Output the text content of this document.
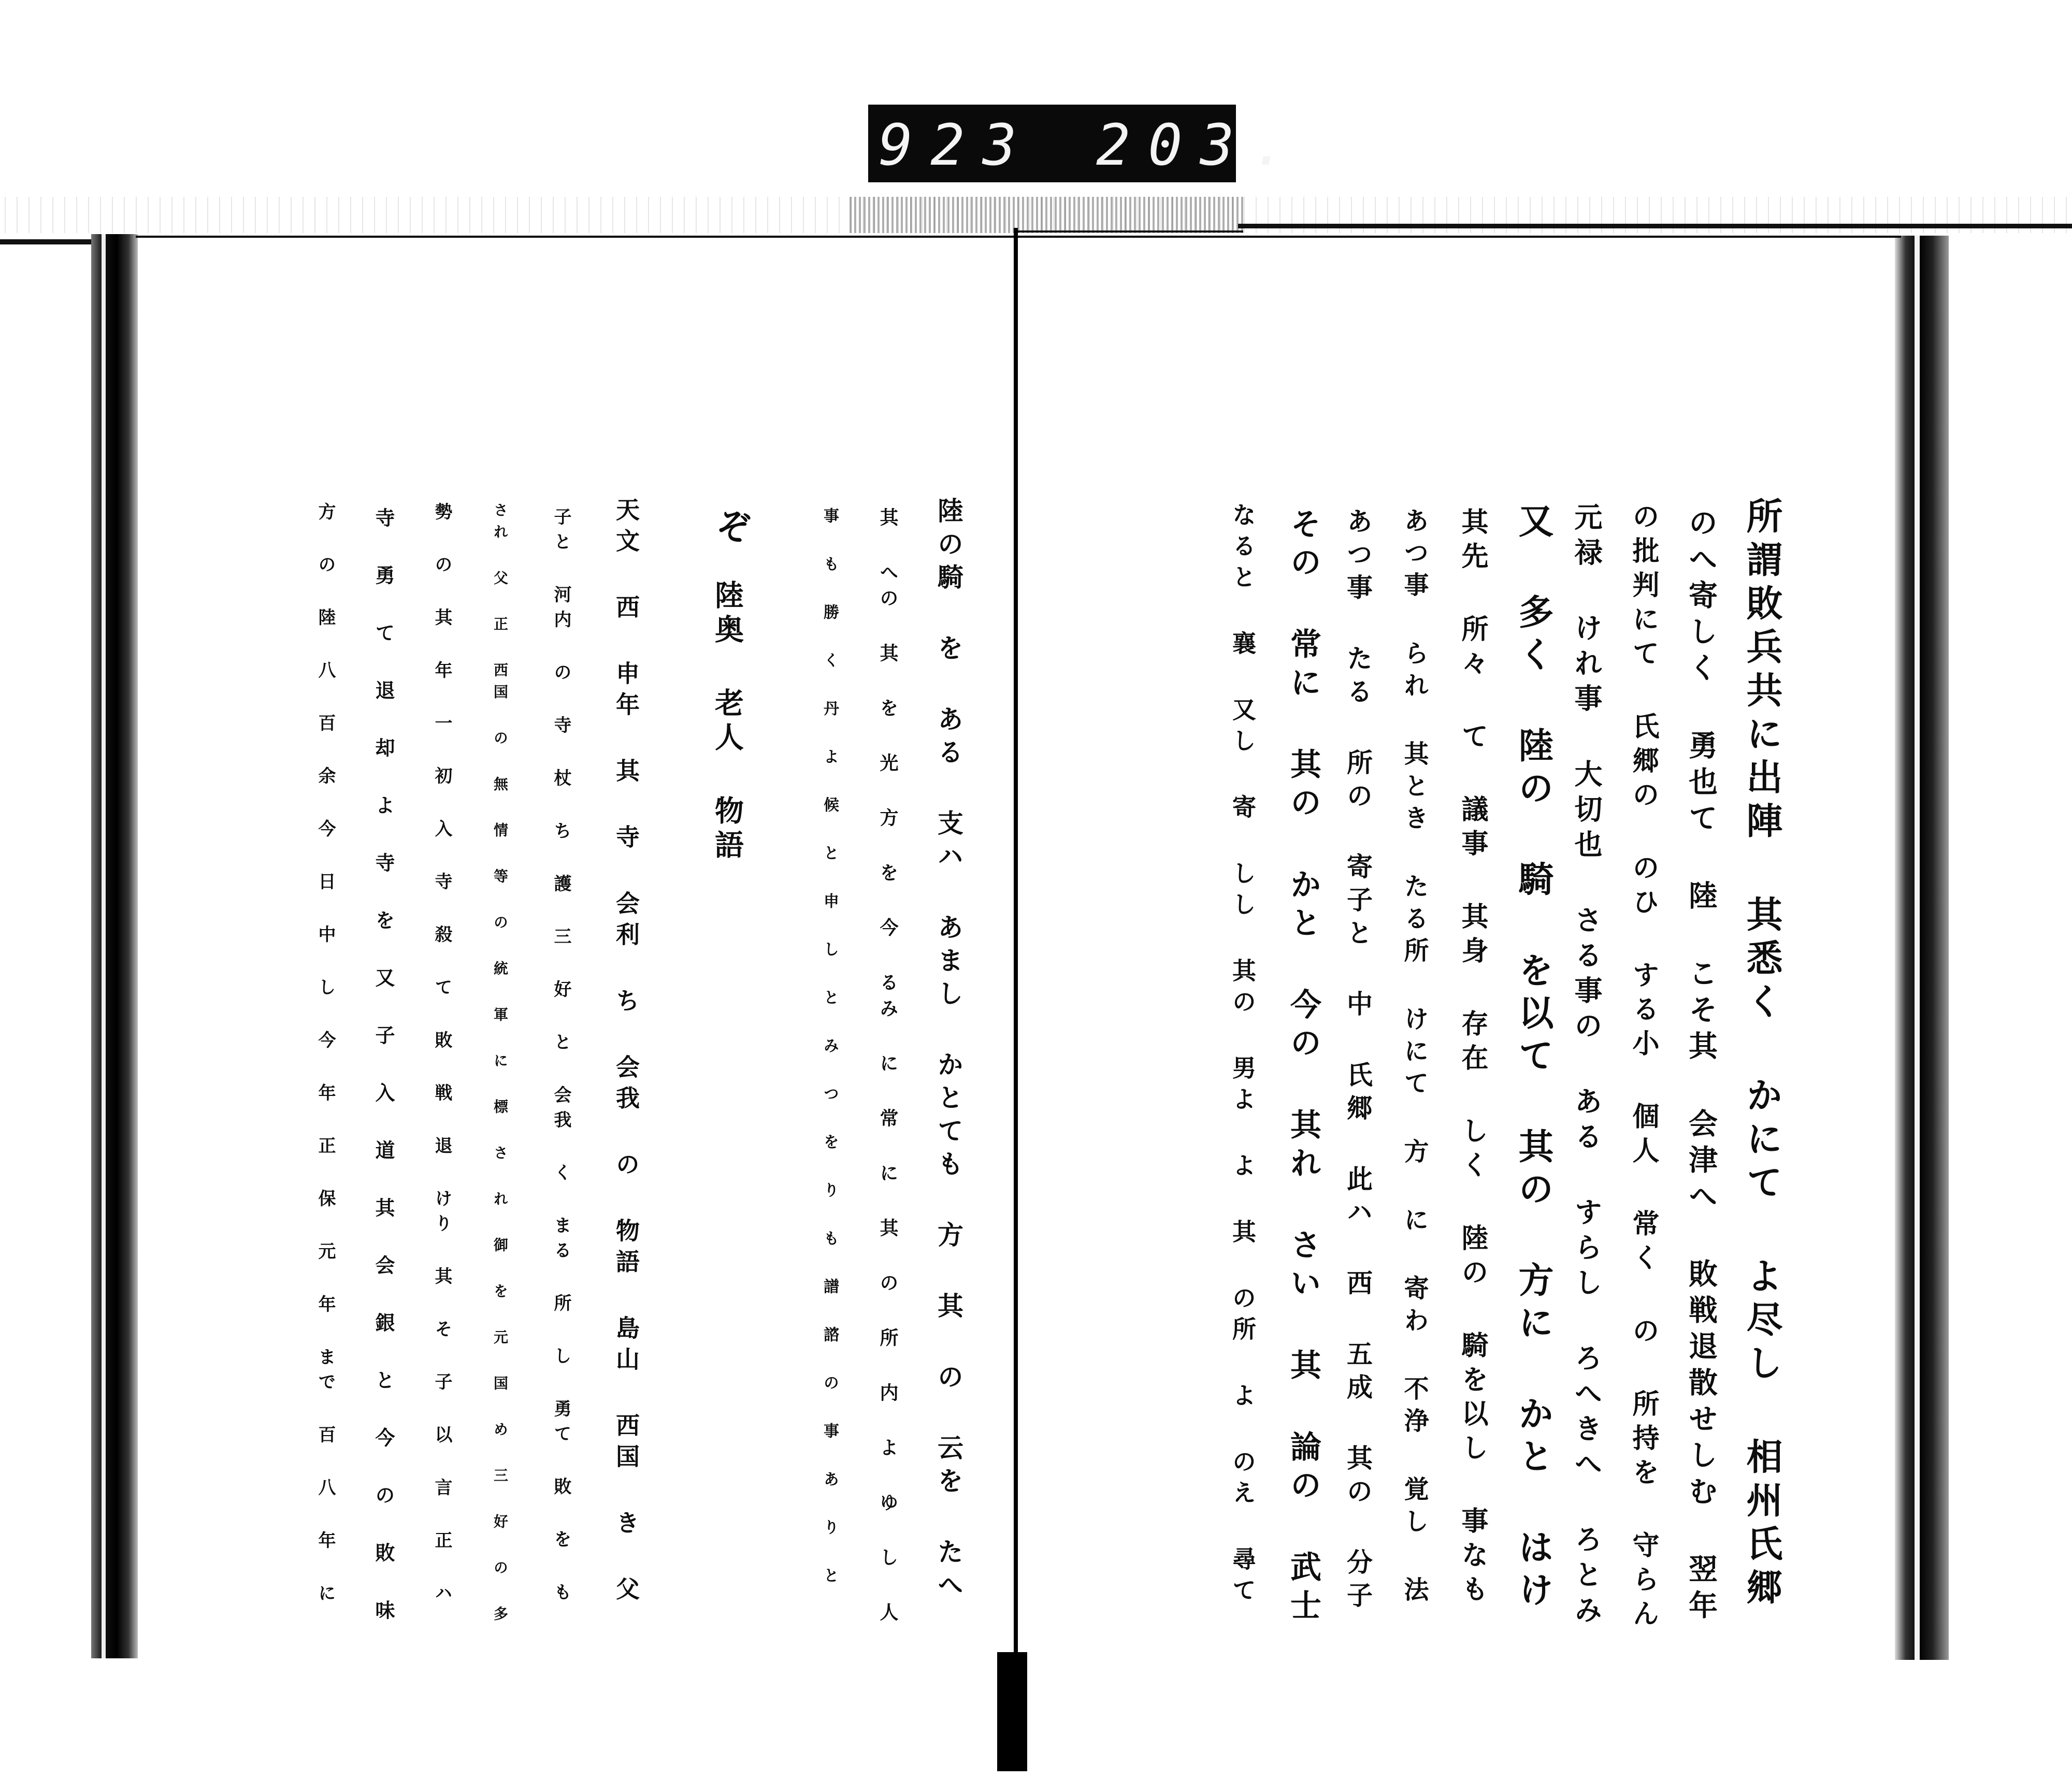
923 203.
陸の騎 を ある 支ハ あまし かとても 方 其 の 云を たへ
其 への 其 を 光 方 を 今 るみ に 常 に 其 の 所 内 よ ゆ し 人
事 も 勝 く 丹 よ 候 と 申 し と み つ を り も 譜 諮 の 事 あ り と
ぞ
陸奥 老人 物語
天文 西 申年 其 寺 会利 ち 会我 の 物語 島山 西国 き 父
子と 河内 の 寺 杖 ち 護 三 好 と 会我 く まる 所 し 勇て 敗 を も
され 父 正 西国 の 無 情 等 の 統 軍 に 標 さ れ 御 を 元 国 め 三 好 の 多
勢 の 其 年 一 初 入 寺 殺 て 敗 戦 退 けり 其 そ 子 以 言 正 ハ
寺 勇 て 退 却 よ 寺 を 又 子 入 道 其 会 銀 と 今 の 敗 味
方 の 陸 八 百 余 今 日 中 し 今 年 正 保 元 年 まで 百 八 年 に	所謂敗兵共に出陣 其悉く かにて よ尽し 相州氏郷
のへ寄しく 勇也て 陸 こそ其 会津へ 敗戦退散せしむ 翌年
の批判にて 氏郷の のひ する小 個人 常く の 所持を 守らん
元禄 けれ事 大切也 さる事の ある すらし ろへきへ ろとみ
又 多く 陸の 騎 を以て 其の 方に かと はけ
其先 所々 て 議事 其身 存在 しく 陸の 騎を以し 事なも
あつ事 られ 其とき たる所 けにて 方 に 寄わ 不浄 覚し 法
あつ事 たる 所の 寄子と 中 氏郷 此ハ 西 五成 其の 分子
その 常に 其の かと 今の 其れ さい 其 論の 武士
なると 襄 又し 寄 しし 其の 男よ よ 其 の所 よ のえ 尋て
